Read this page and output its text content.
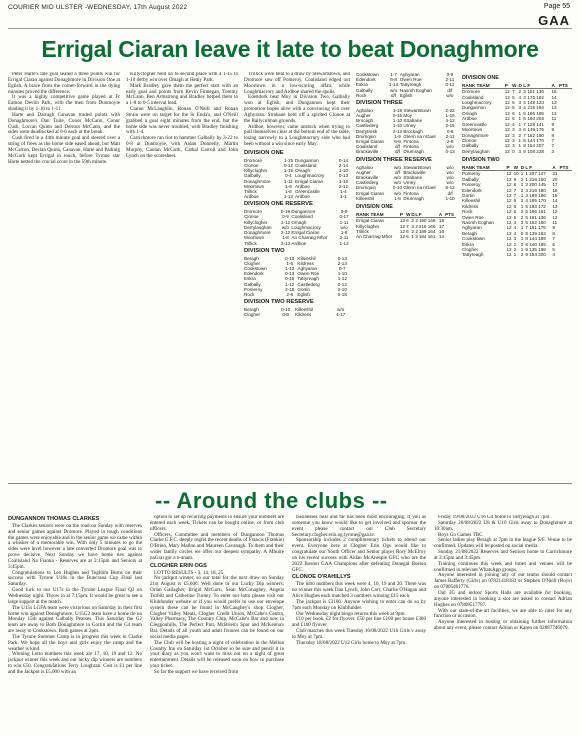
COURIER MID ULSTER -WEDNESDAY, 17th August 2022	Page 55
GAA
Errigal Ciaran leave it late to beat Donaghmore

Peter Harte's late goal sealed a three points win for Errigal Ciaran against Donaghmore in Division One at Eglish. A brace from the corner-forward in the dying minutes proved the difference.

It was a highly competitive game played at Fr Eamon Devlin Park, with the men from Dunmoyle shading it by 1-16 to 1-11.

Harte and Darragh Canavan traded points with Donaghmore's Dan Tuite, Conor McCann, Conor Cush, Lorcan Quinn and Dermot McCann, and the sides were deadlocked at 0-6 each at the break.

Cush fired in a 44th minute goal and steered over a string of frees as the home side eased ahead, but Matt McCarron, Declan Quinn, Canavan, Harte and Padraig McGurk kept Errigal in touch, before Tyrone star Harte netted the crucial score in the 59th minute.

Killyclogher held on to second place with a 1-15 to 1-10 derby win over Omagh at Healy Park.

Mark Bradley gave them the perfect start with an early goal and points from Kevin Finnegan, Tommy McCann, Ben Armstrong and Bradley helped them to a 1-8 to 0-5 interval lead.

Ciaran McLaughlin, Ronan O'Neill and Ronan Strain were on target for the St Enda's, and O'Neill grabbed a goal eight minutes from the end, but the home side was never troubled, with Bradley finishing with 1-4.

Carrickmore ran riot to hammer Galbally by 3-22 to 0-8 at Dunmoyle, with Aidan Donnelly, Martin Murphy, Caolan McGurk, Cathal Carroll and John Lynch on the scoresheet.

Trillick were held to a draw by Stewartstown, and Dromore saw off Pomeroy. Coalisland edged out Moortown in a low-scoring affair, while Loughmacrory and Ardboe shared the spoils.

Edendork beat Moy in Division Two, Galbally won at Eglish, and Dungannon kept their promotion hopes alive with a convincing win over Aghyaran. Strabane held off a spirited Clonoe at the Ballycolman grounds.

Ardboe, however, came unstuck when trying to pull themselves clear at the bottom end of the table, losing narrowly to a Loughmacrory side who had been without a win since early May.

DIVISION ONE
Dromore	1-15	Dungannon	0-14
Clonoe	0-12	Coalisland	2-14
Killyclogher	1-15	Omagh	1-10
Galbally	0-4	Loughmacrory	0-13
Donaghmore	1-11	Errigal Ciaran	1-16
Moortown	1-9	Ardboe	2-12
Trillick	1-8	Greencastle	1-4
Ardboe	1-13	Ardboe	1-1
DIVISION ONE RESERVE
Dromore	0-19	Dungannon	0-9
Clonoe	0-5	Coalisland	0-17
Killyclogher	1-12	Omagh	1-11
Derrylaughan	w/o	Loughmacrory	w/o
Donaghmore	2-12	Errigal Ciaran	1-8
Moortown	1-8	An Charraig Mhor	2-11
Trillick	2-13	Ardboe	1-12
DIVISION TWO
Beragh	0-10	Killeeshil	0-13
Clogher	1-5	Kildress	2-13
Cookstown	1-12	Aghyaran	0-7
Edendork	0-13	Owen Roe	1-10
Eskra	0-15	Tattyreagh	1-12
Galbally	1-12	Castlederg	0-12
Pomeroy	2-18	Gortin	2-10
Rock	2-8	Eglish	0-18
DIVISION TWO RESERVE
Beragh	0-10	Killeeshil	w/o
Clogher	0-8	Kildress	4-17
Cookstown	1-7	Aghyaran	0-9
Edendork	6-8	Owen Roe	2-11
Eskra	1-14	Tattyreagh	0-11
Galbally	w/o	Naomh Eoghan	d/f
Rock	d/f	Eglish	w/o
DIVISION THREE
Aghaloo	1-19	Stewartstown	2-22
Augher	0-15	Moy	1-16
Brocagh	1-10	Strabane	4-12
Castlederg	1-10	Urney	2-15
Derrytresk	2-12	Brockagh	0-8
Drumquin	1-9	Glenn na nGael	2-11
Errigal Ciaran	6-9	Fintona	2-8
Coalisland	d/f	Fintona	w/o
Brackaville	d/f	Drumragh	0-13
DIVISION THREE RESERVE
Aghaloo	w/o	Stewartstown	w/o
Augher	d/f	Brackaville	w/o
Brackaville	w/o	Strabane	w/o
Castlederg	w/o	Urney	w/o
Drumquin	0-10	Glenn na nGael	8-12
Errigal Ciaran	w/o	Fintona	d/f
Killeeshil	1-8	Drumragh	1-10
DIVISION ONE
RANK TEAM	P	W	D	L	F	A	PTS
Errigal Ciaran	12	6	2	2	190 148	18	
Killyclogher	12	7	3	2	216 166	17	
Trillick	12	6	2	2	189 164	16	
An Charraig Mhor	12	6	1	3	184 161	14	
DIVISION ONE
RANK TEAM	P	W	D	L	F	A	PTS
Dromore	12	7	2	3	151 136	16	
Coalisland	12	5	4	3	176 162	14	
Loughmacrory	12	5	3	4	148 123	13	
Dungannon	12	5	3	4	215 194	13	
Omagh	12	6	1	5	186 165	13	
Ardboe	12	5	1	6	193 203	11	
Greencastle	12	4	1	7	128 141	9	
Moortown	12	3	3	6	149 175	9	
Donaghmore	12	3	2	7	152 180	8	
Clonoe	12	3	1	8	144 170	7	
Galbally	12	3	1	8	154 207	7	
Derrylaughan	12	0	3	9	108 228	3	
DIVISION TWO
RANK TEAM	P	W	D	L	F	A	PTS
Pomeroy	12	10	1	1	207 147	21	
Galbally	12	9	2	1	218 150	20	
Pomeroy	12	8	1	3	200 145	17	
Edendork	12	7	2	3	216 180	16	
Gortin	12	7	1	4	189 186	15	
Killeeshil	12	6	2	4	185 170	14	
Kildress	12	6	1	5	183 172	13	
Rock	12	5	2	5	166 161	12	
Owen Roe	12	5	2	5	161 136	12	
Naomh Eoghan	12	4	3	5	152 160	11	
Aghyaran	12	4	1	7	161 175	9	
Beragh	12	4	0	8	139 162	8	
Cookstown	12	3	1	8	144 189	7	
Eskra	12	2	2	8	140 185	6	
Clogher	12	2	1	9	135 198	5	
Tattyreagh	12	1	2	9	154 200	4	
-- Around the clubs --
DUNGANNON THOMAS CLARKES

The Clarkes seniors were on the road on Sunday with reserves and senior games against Dromore. Played in tough conditions the games were enjoyable and in the senior game we came within a whisker of a memorable win. With only 5 minutes to go the sides were level however a late converted Dromore goal was to prove decisive. Next Sunday we have home ties against Coalisland Na Fianna - Reserves are at 2:15pm and Seniors at 3:45pm.

Congratulations to Leo Hughes and Teghlim Burns on their success with Tyrone U16s in the Buncrana Cup Final last Saturday.

Good luck to our U17s in the Tyrone League Final Q2 on Wednesday night. Throw in at 7:15pm. It would be great to see a large support at the match.

The U15s LGFA team were victorious on Saturday in their first home win against Donaghmore. U15G2 team have a home tie on Monday 15th against Galbally Pearses. This Saturday the G2 team are away to Both Donaghmore in Gortin and the G4 team are away to Cookstown. Both games at 2pm.

The Tyrone Summer Camp is in progress this week in Clarke Park. We hope all the boys and girls enjoy the camp and the weather is kind.

Winning Lotto numbers this week are 17, 10, 19 and 12. No jackpot winner this week and our lucky dip winners are numbers to win £50. Congratulations Terry Loughran. Cost is £1 per line and the Jackpot is £5,000 with an

option to set up recurring payments to ensure your numbers are entered each week. Tickets can be bought online, or from club officers.

Officers, Committee and members of Dungannon Thomas Clarke G.F.C. deeply regret the recent deaths of Francis (Frankie) O'Brien, Mary Mallon and Maureen Cavanagh. To them and their wider family circles we offer our deepest sympathy. A Mhuire naGrai gor a n-anam.

CLOGHER ERIN OGS

LOTTO RESULTS - 3, 14, 18, 25

No jackpot winner, so our total for the next draw on Sunday 21st August is £5,600. Well done to our Lucky Dip winners; Orlan Gallagher, Brigid McGurn, Sean McConaghey, Angela Turbitt and Catherine Turney. To enter our lotto please visit our Klubfunder website or if you would prefer to use our envelope system these can be found in McCaughey's shop Clogher, Clogher Valley Meats, Clogher Credit Union, McCabe's Centra, Valley Pharmacy, The Country Chip, McCabe's Bar and now in Cleggonhills, The Perfect Pint, McBrien's Spar and McKenna's Bar. Details of all youth and adult fixtures can be found on our social media pages.

The Club will be hosting a night of celebration in the Mellon Country Inn on Saturday 1st October so be sure and pencil it in your diary as you won't want to miss out on a night of great entertainment. Details will be released soon on how to purchase your ticket.

So far the support we have received from

businesses near and far has been most encouraging, if you as someone you know would like to get involved and sponsor the event please contact our Club Secretary Secretary.clogher.erin.og.tyrone@gaa.ie.

Sponsorship includes 2 complimentary tickets to attend our event. Everyone here at Clogher Erin Ogs would like to congratulate our Youth Officer and Senior player Rory McElroy on his recent success with Aidan McAnespie GFC who are the 2022 Boston GAA Champions after defeating Donegal Boston GFC.

CLONOE O'RAHILLYS

The lotto numbers this week were 4, 16, 19 and 20. There was no winner this week Dan Lynch, John Corr, Charlie O'Hagan and Alice Hughes each matched 3 numbers winning £15 each.

The jackpot is £3100. Anyone wishing to enter can do so by 7pm each Monday on Klubfunder.

Our Wednesday night bingo returns this week at 9pm.

£10 per book, £2 for flyover. £50 per line £100 per house £300 and £100 flyover

Club matches this week Tuesday 16/08/2022 U16 Girls v away to Moy at 7pm.

Thursday 18/08/2022 U12 Girls home to Moy at 7pm.

Friday 19/08/2022 U16 G4 home to Tattyreagh at 7pm.

Saturday 20/08/2022 U8 & U10 Girls away to Donaghmore at 10:30am.

Boys Go Games TBC

Senior ladies play Beragh at 7pm in the league S/F. Venue to be confirmed. Updates will be posted on social media.

Sunday 21/08/2022 Reserves and Seniors home to Carrickmore at 3:15pm and 3:45pm.

Training continues this week and times and venues will be confirmed in relevant WhatsApp groups.

Anyone interested in joining any of our teams should contact James Rafferty (Girls) on 07821418183 or Stephen O'Neill (Boys) on 07805461776.

Our 3G and indoor Sports Halls are available for booking, anyone interested in booking a slot are asked to contact Adrian Hughes on 07808517787.

With our state-of-the-art facilities, we are able to cater for any function or occasion.

Anyone interested in hosting or obtaining further information about any event, please contact Adrian or Karen on 02887746079.
